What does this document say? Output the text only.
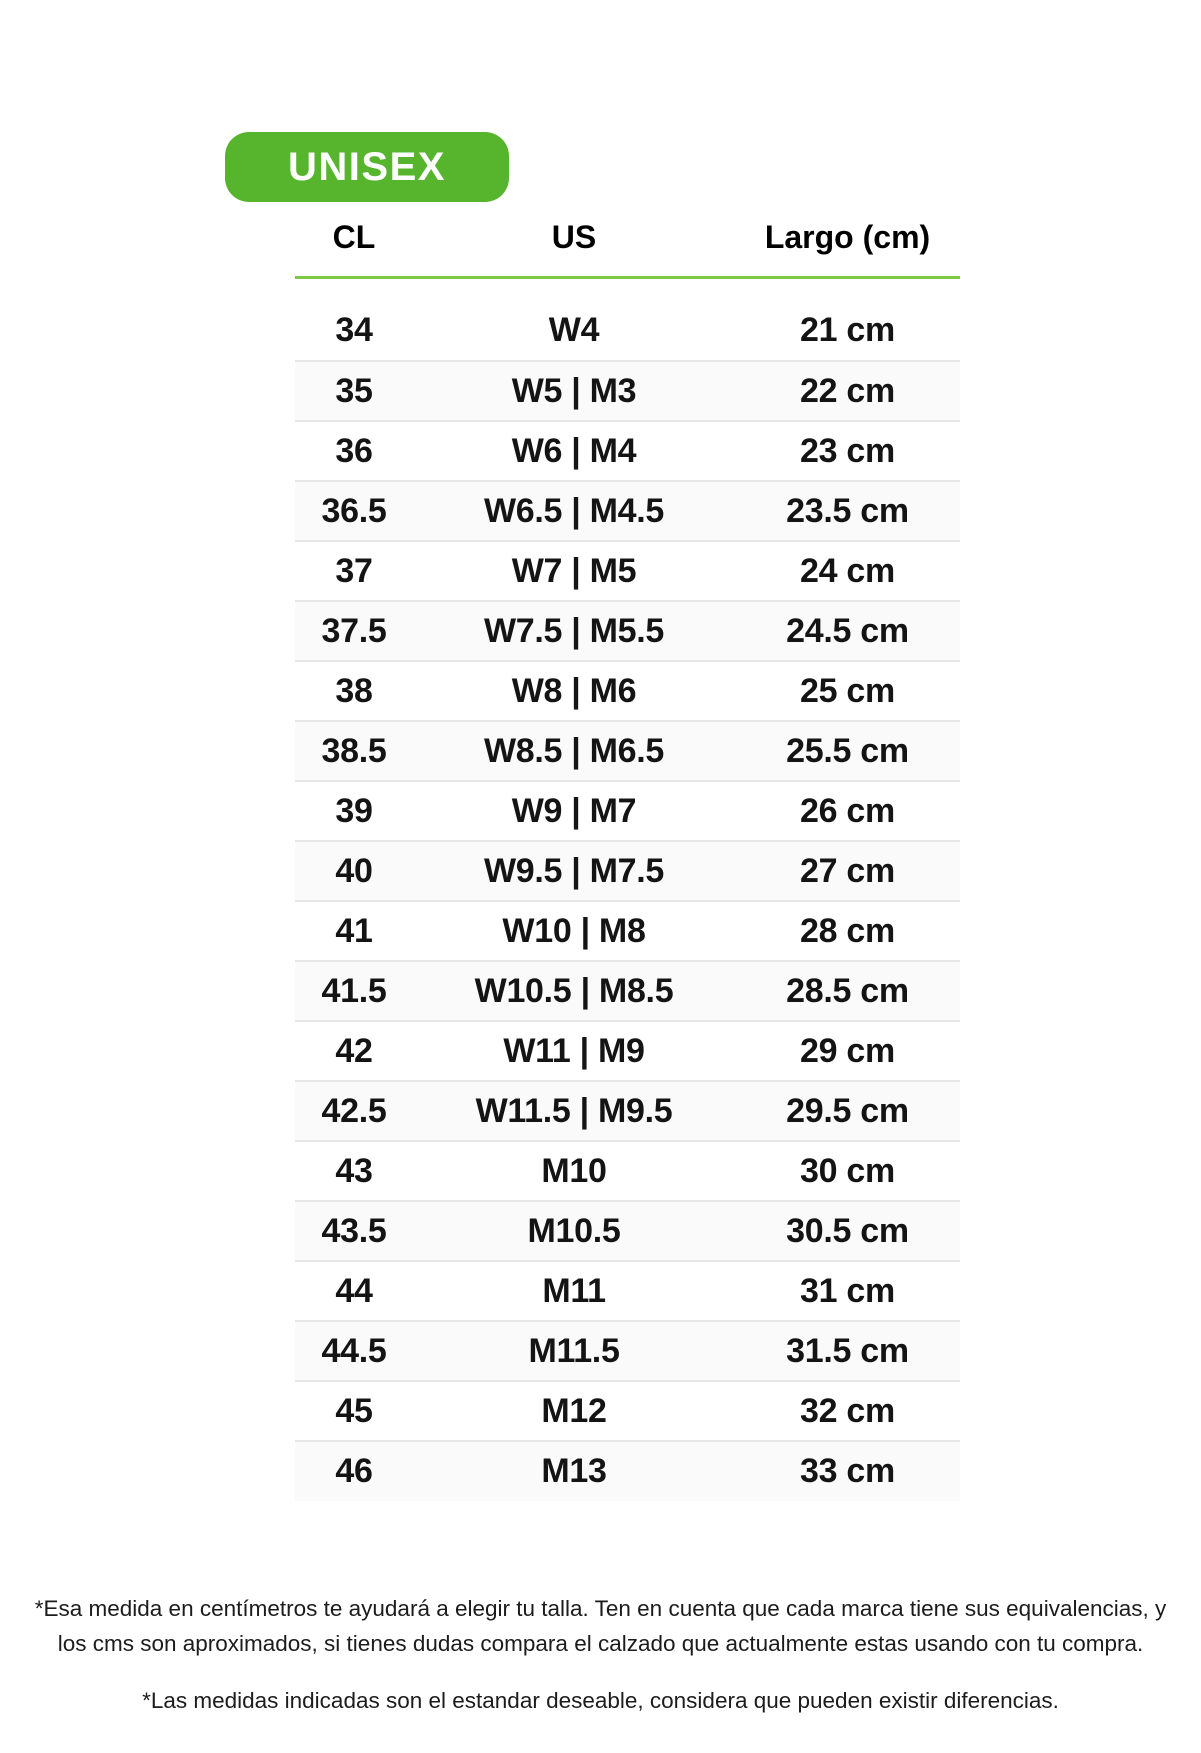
UNISEX
CL	US	Largo (cm)
34	W4	21 cm
35	W5 | M3	22 cm
36	W6 | M4	23 cm
36.5	W6.5 | M4.5	23.5 cm
37	W7 | M5	24 cm
37.5	W7.5 | M5.5	24.5 cm
38	W8 | M6	25 cm
38.5	W8.5 | M6.5	25.5 cm
39	W9 | M7	26 cm
40	W9.5 | M7.5	27 cm
41	W10 | M8	28 cm
41.5	W10.5 | M8.5	28.5 cm
42	W11 | M9	29 cm
42.5	W11.5 | M9.5	29.5 cm
43	M10	30 cm
43.5	M10.5	30.5 cm
44	M11	31 cm
44.5	M11.5	31.5 cm
45	M12	32 cm
46	M13	33 cm

*Esa medida en centímetros te ayudará a elegir tu talla. Ten en cuenta que cada marca tiene sus equivalencias, y los cms son aproximados, si tienes dudas compara el calzado que actualmente estas usando con tu compra.

*Las medidas indicadas son el estandar deseable, considera que pueden existir diferencias.
